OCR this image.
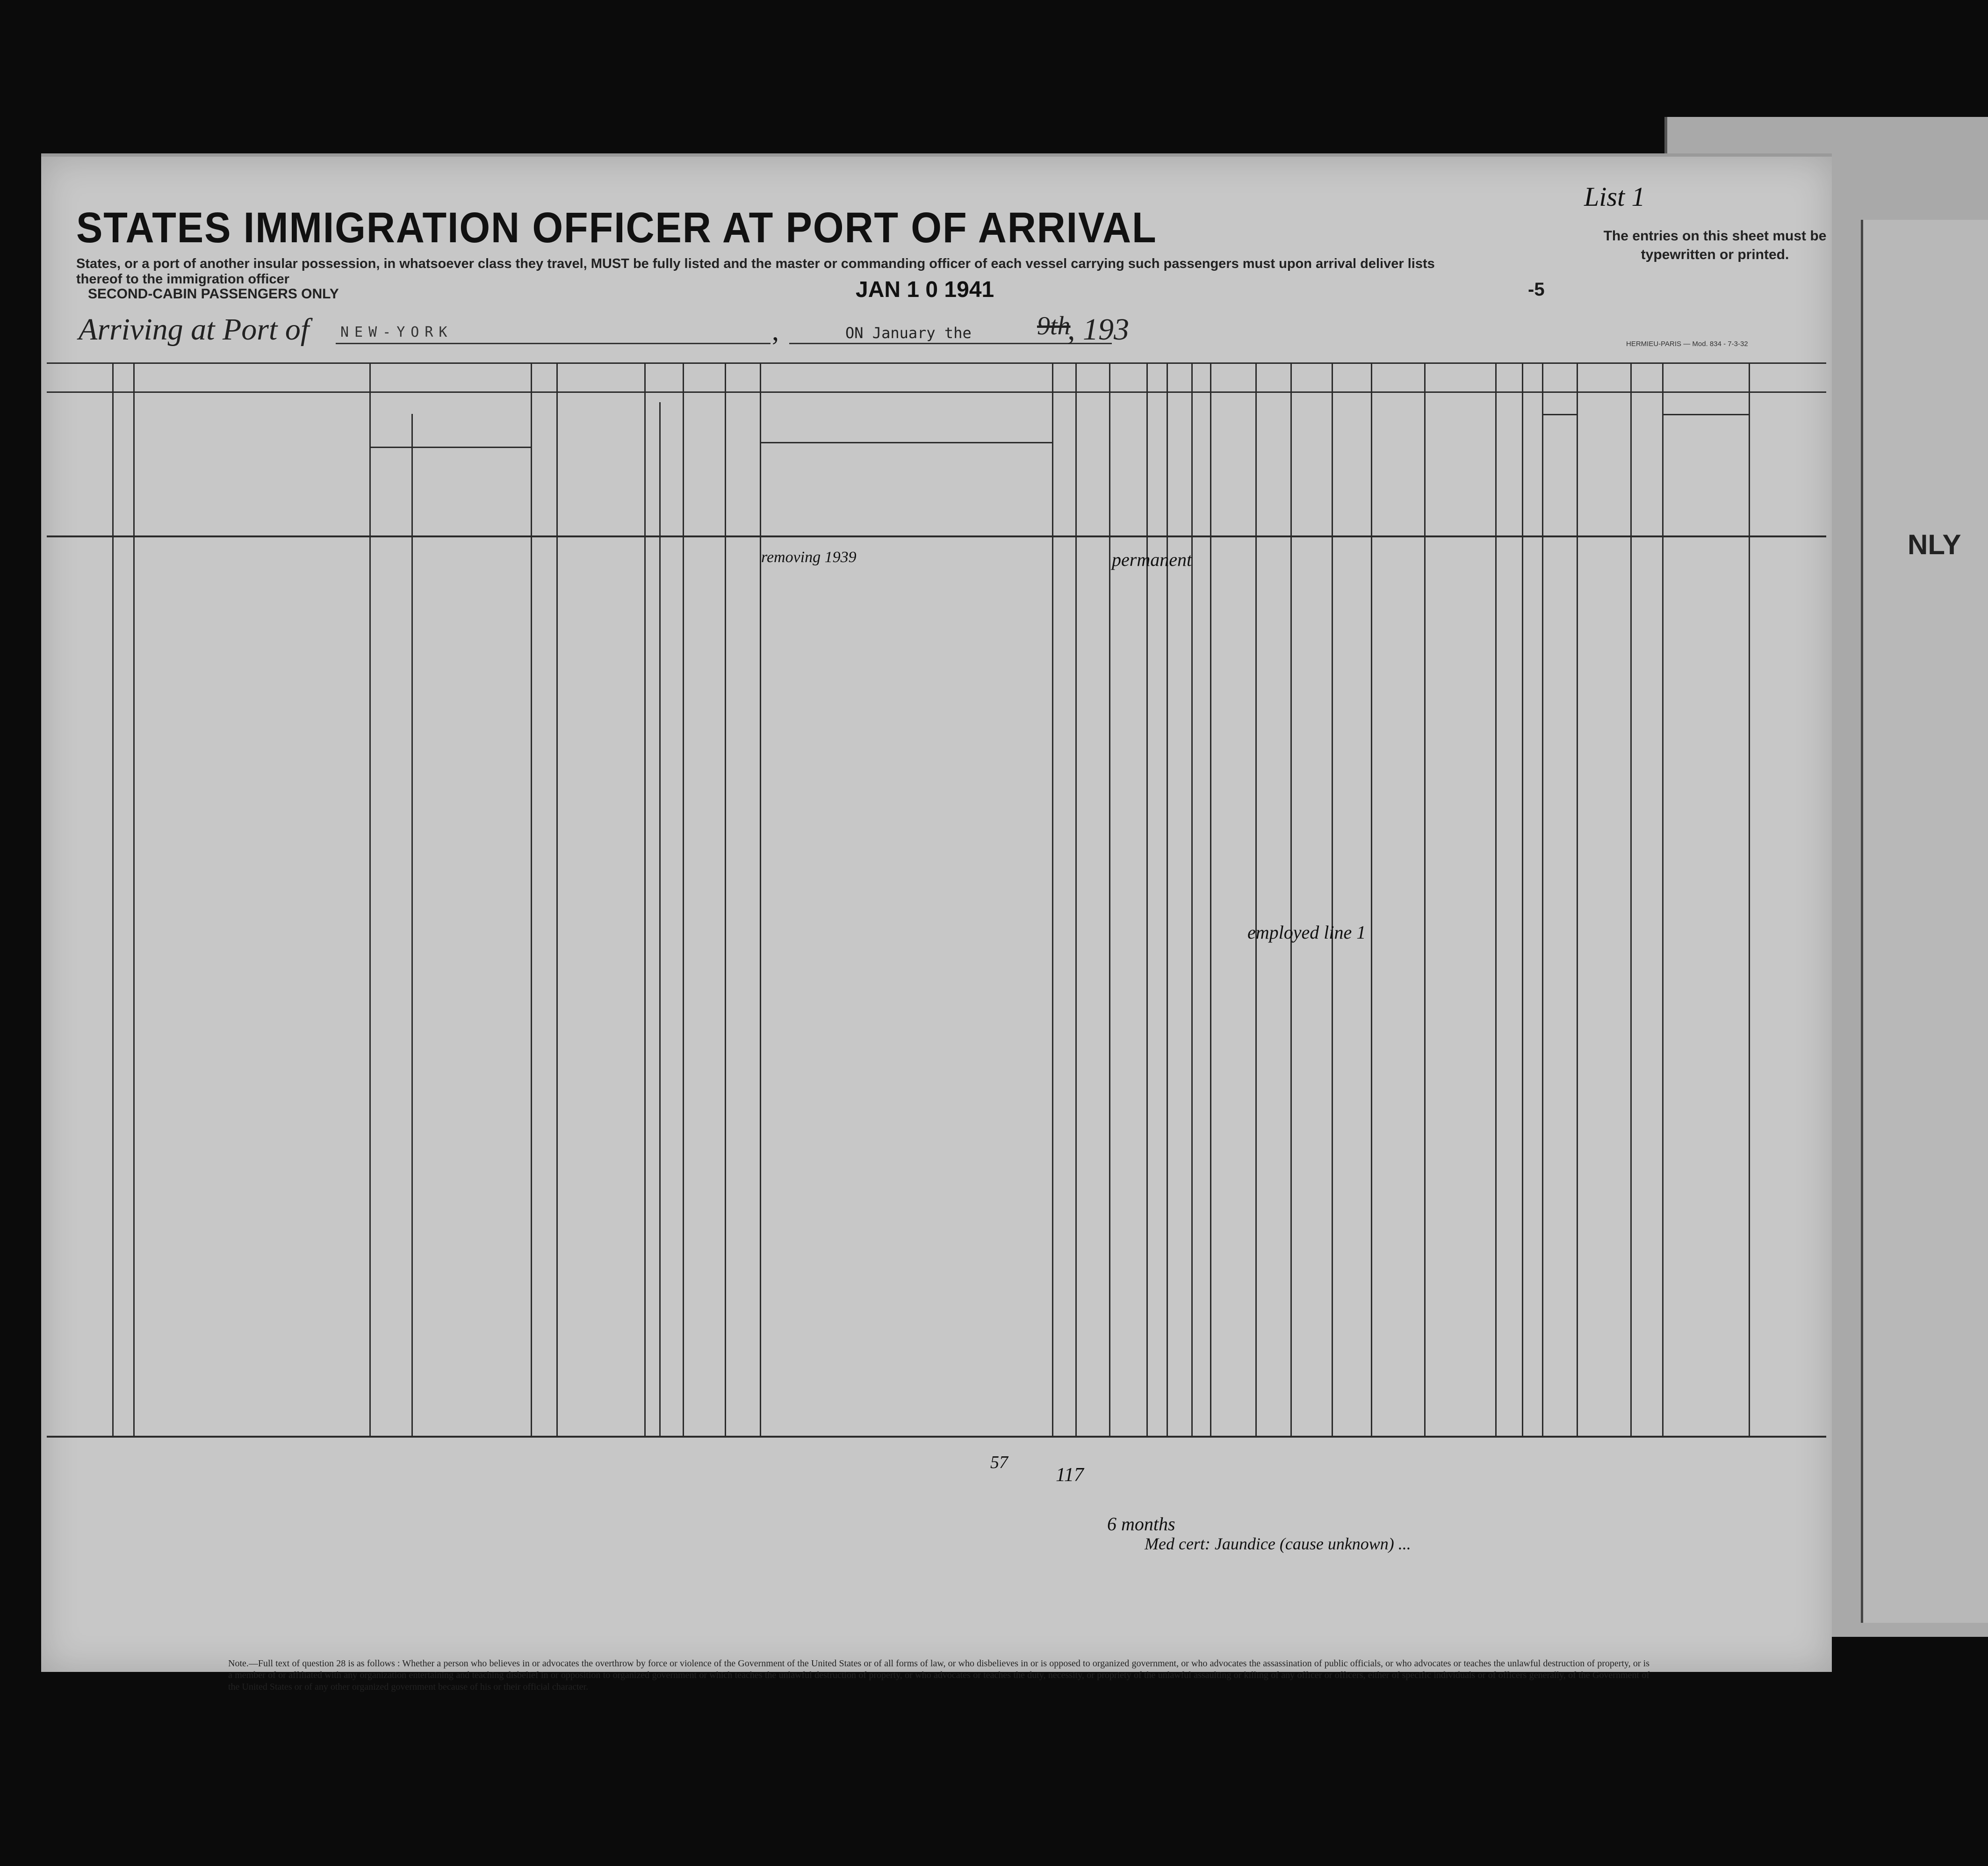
NLY
STATES IMMIGRATION OFFICER AT PORT OF ARRIVAL
States, or a port of another insular possession, in whatsoever class they travel, MUST be fully listed and the master or commanding officer of each vessel carrying such passengers must upon arrival deliver lists thereof to the immigration officer
SECOND-CABIN PASSENGERS ONLY	JAN 1 0 1941	-5
Arriving at Port of NEW-YORK	,	ON January the	9th
, 193
List 1
The entries on this sheet must be typewritten or printed.
HERMIEU-PARIS — Mod. 834 - 7-3-32
removing 1939	permanent
employed line 1
117
57
6 months
Med cert: Jaundice (cause unknown) ...
Note.—Full text of question 28 is as follows : Whether a person who believes in or advocates the overthrow by force or violence of the Government of the United States or of all forms of law, or who disbelieves in or is opposed to organized government, or who advocates the assassination of public officials, or who advocates or teaches the unlawful destruction of property, or is a member of or affiliated with any organization entertaining and teaching disbelief in or opposition to organized government or which teaches the unlawful destruction of property, or who advocates or teaches the duty, necessity, or propriety of the unlawful assaulting or killing of any officer or officers, either of specific individuals or of officers generally, of the Government of the United States or of any other organized government because of his or their official character.
